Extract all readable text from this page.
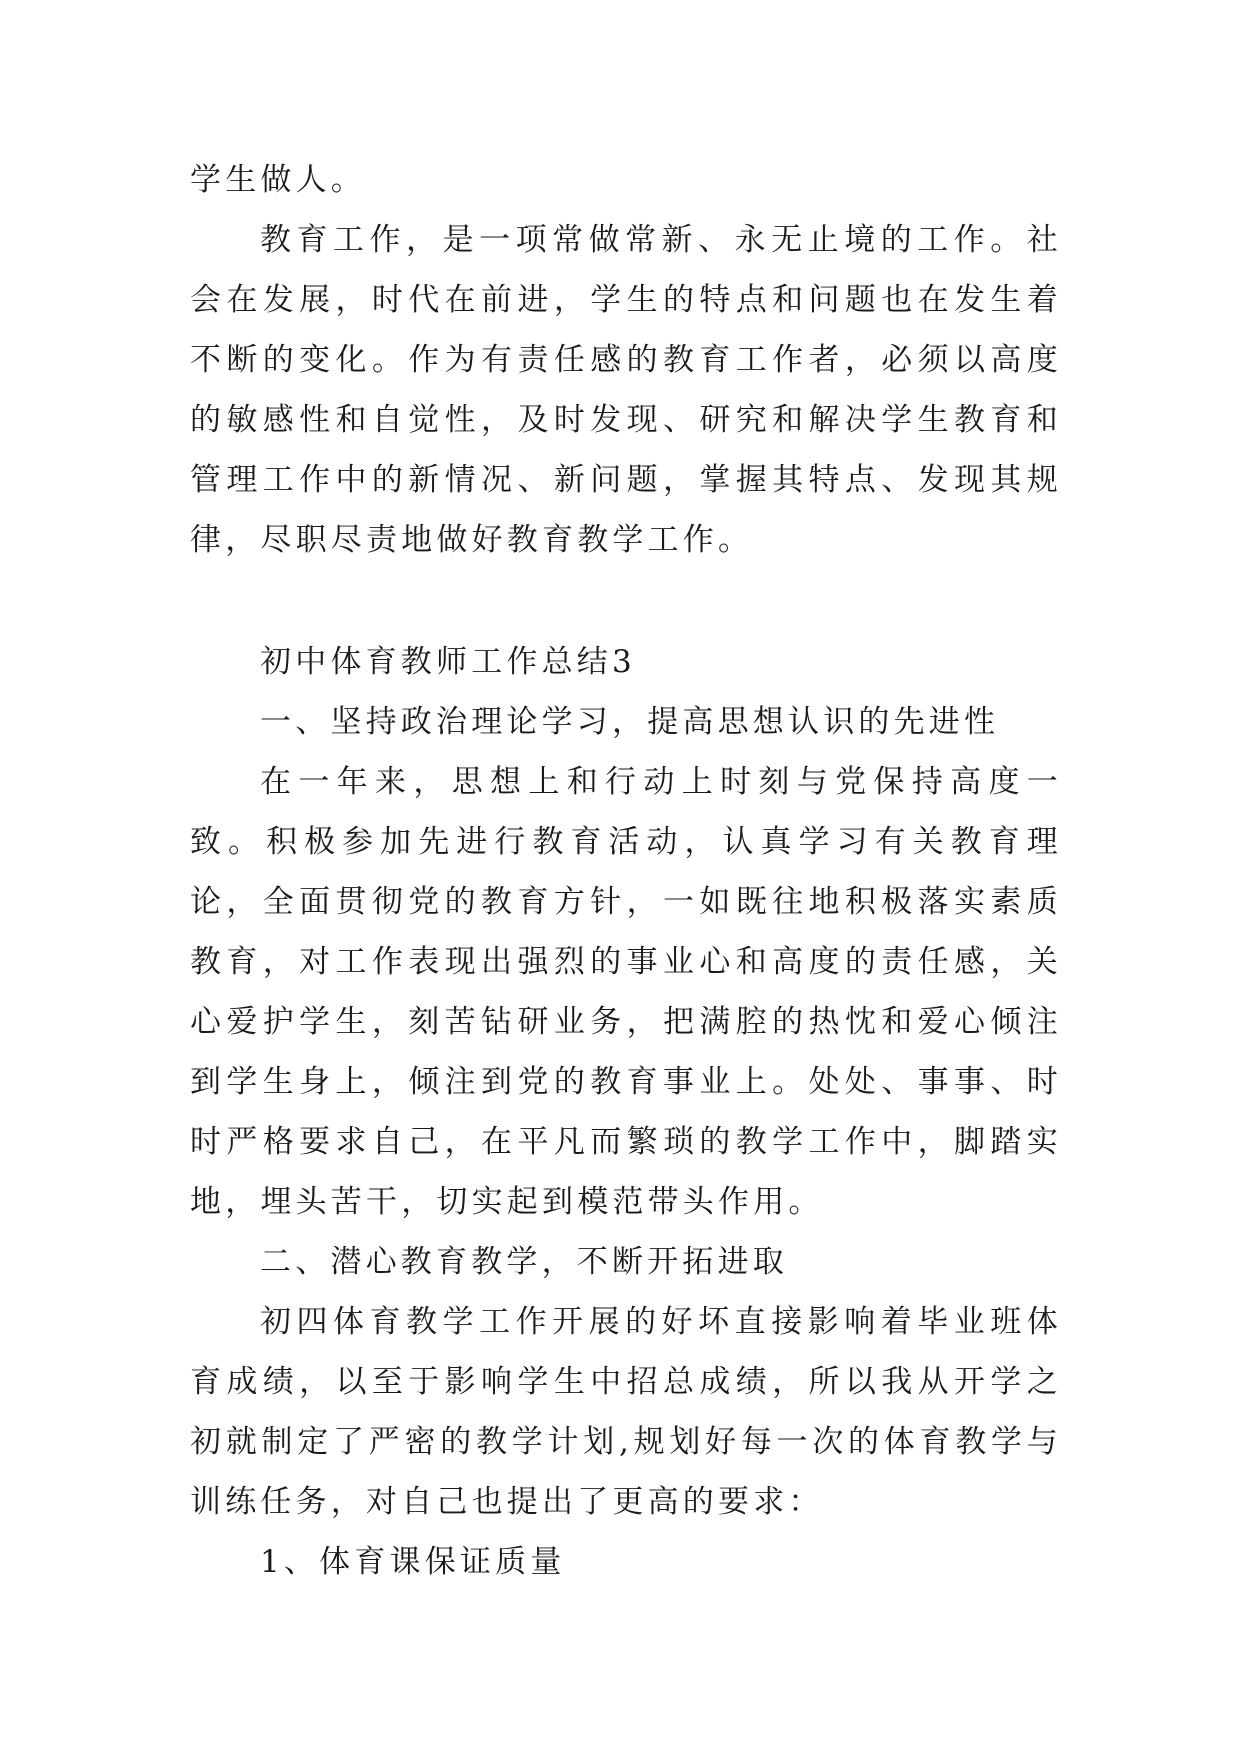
学生做人。

教育工作，是一项常做常新、永无止境的工作。社会在发展，时代在前进，学生的特点和问题也在发生着不断的变化。作为有责任感的教育工作者，必须以高度的敏感性和自觉性，及时发现、研究和解决学生教育和管理工作中的新情况、新问题，掌握其特点、发现其规律，尽职尽责地做好教育教学工作。

初中体育教师工作总结3

一、坚持政治理论学习，提高思想认识的先进性

在一年来，思想上和行动上时刻与党保持高度一致。积极参加先进行教育活动，认真学习有关教育理论，全面贯彻党的教育方针，一如既往地积极落实素质教育，对工作表现出强烈的事业心和高度的责任感，关心爱护学生，刻苦钻研业务，把满腔的热忱和爱心倾注到学生身上，倾注到党的教育事业上。处处、事事、时时严格要求自己，在平凡而繁琐的教学工作中，脚踏实地，埋头苦干，切实起到模范带头作用。

二、潜心教育教学，不断开拓进取

初四体育教学工作开展的好坏直接影响着毕业班体育成绩，以至于影响学生中招总成绩，所以我从开学之初就制定了严密的教学计划,规划好每一次的体育教学与训练任务，对自己也提出了更高的要求：

1、体育课保证质量
